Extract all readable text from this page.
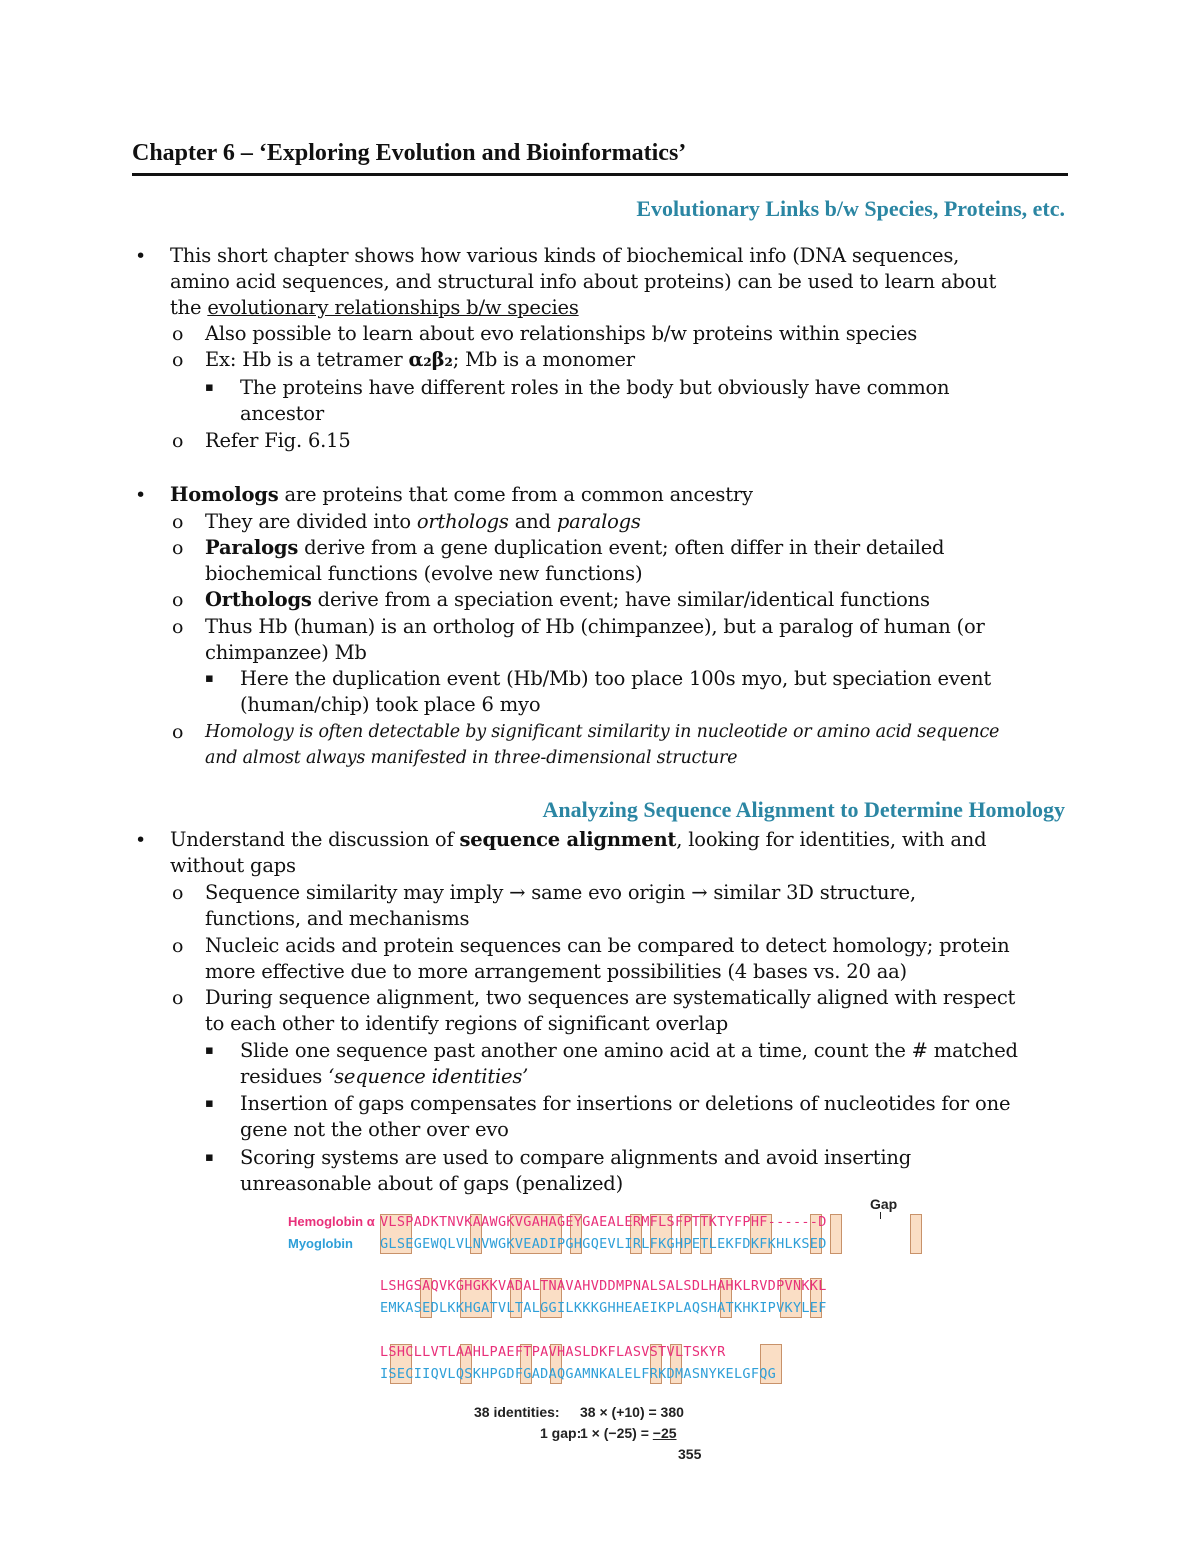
Chapter 6 – ‘Exploring Evolution and Bioinformatics’
Evolutionary Links b/w Species, Proteins, etc.
• This short chapter shows how various kinds of biochemical info (DNA sequences,
amino acid sequences, and structural info about proteins) can be used to learn about
the evolutionary relationships b/w species
o Also possible to learn about evo relationships b/w proteins within species
o Ex: Hb is a tetramer α₂β₂; Mb is a monomer
▪ The proteins have different roles in the body but obviously have common
ancestor
o Refer Fig. 6.15
• Homologs are proteins that come from a common ancestry
o They are divided into orthologs and paralogs
o Paralogs derive from a gene duplication event; often differ in their detailed
biochemical functions (evolve new functions)
o Orthologs derive from a speciation event; have similar/identical functions
o Thus Hb (human) is an ortholog of Hb (chimpanzee), but a paralog of human (or
chimpanzee) Mb
▪ Here the duplication event (Hb/Mb) too place 100s myo, but speciation event
(human/chip) took place 6 myo
o Homology is often detectable by significant similarity in nucleotide or amino acid sequence
and almost always manifested in three-dimensional structure
Analyzing Sequence Alignment to Determine Homology
• Understand the discussion of sequence alignment, looking for identities, with and
without gaps
o Sequence similarity may imply → same evo origin → similar 3D structure,
functions, and mechanisms
o Nucleic acids and protein sequences can be compared to detect homology; protein
more effective due to more arrangement possibilities (4 bases vs. 20 aa)
o During sequence alignment, two sequences are systematically aligned with respect
to each other to identify regions of significant overlap
▪ Slide one sequence past another one amino acid at a time, count the # matched
residues ‘sequence identities’
▪ Insertion of gaps compensates for insertions or deletions of nucleotides for one
gene not the other over evo
▪ Scoring systems are used to compare alignments and avoid inserting
unreasonable about of gaps (penalized)
Gap
Hemoglobin α
Myoglobin
VLSPADKTNVKAAWGKVGAHAGEYGAEALERMFLSFPTTKTYFPHF------D
GLSEGEWQLVLNVWGKVEADIPGHGQEVLIRLFKGHPETLEKFDKFKHLKSED
LSHGSAQVKGHGKKVADALTNAVAHVDDMPNALSALSDLHAHKLRVDPVNKKL
EMKASEDLKKHGATVLTALGGILKKKGHHEAEIKPLAQSHATKHKIPVKYLEF
LSHCLLVTLAAHLPAEFTPAVHASLDKFLASVSTVLTSKYR
ISECIIQVLQSKHPGDFGADAQGAMNKALELFRKDMASNYKELGFQG
38 identities: 38 × (+10) = 380
1 gap:
1 × (−25) = −25
355
